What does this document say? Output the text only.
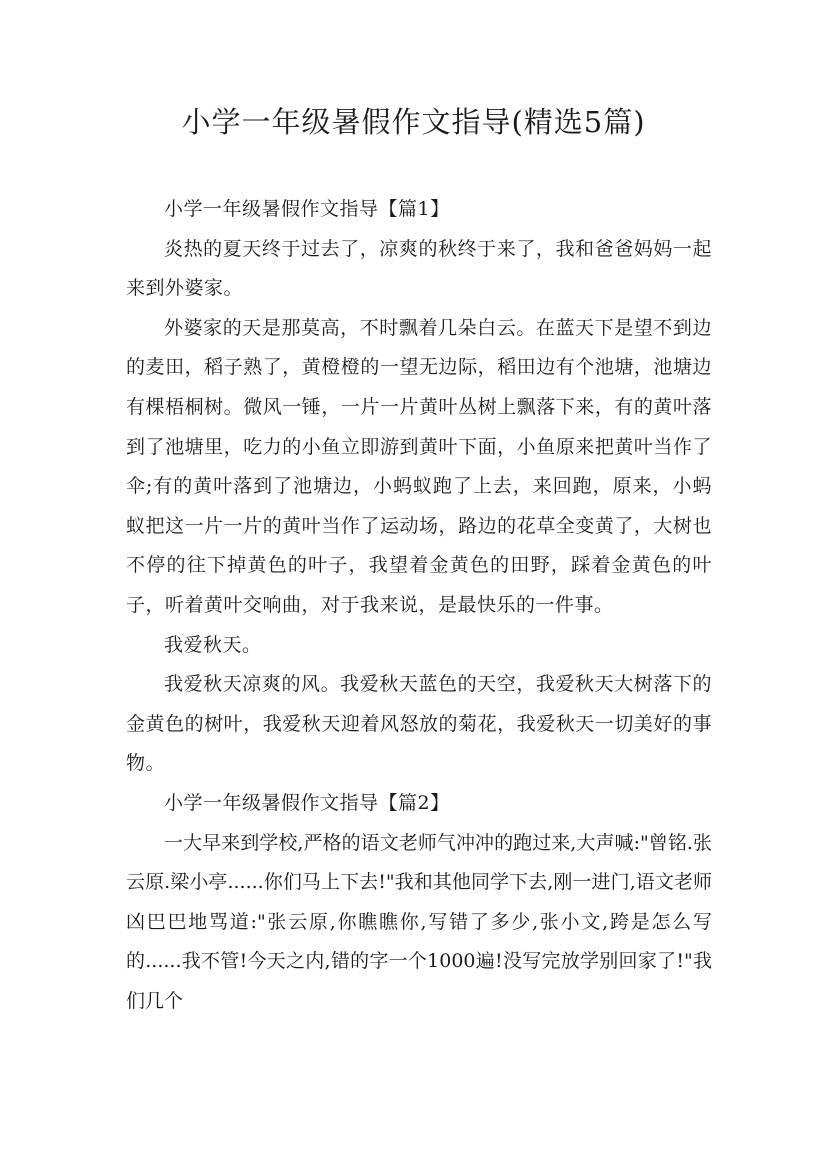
小学一年级暑假作文指导(精选5篇)

小学一年级暑假作文指导【篇1】

炎热的夏天终于过去了，凉爽的秋终于来了，我和爸爸妈妈一起来到外婆家。

外婆家的天是那莫高，不时飘着几朵白云。在蓝天下是望不到边的麦田，稻子熟了，黄橙橙的一望无边际，稻田边有个池塘，池塘边有棵梧桐树。微风一锤，一片一片黄叶丛树上飘落下来，有的黄叶落到了池塘里，吃力的小鱼立即游到黄叶下面，小鱼原来把黄叶当作了伞;有的黄叶落到了池塘边，小蚂蚁跑了上去，来回跑，原来，小蚂蚁把这一片一片的黄叶当作了运动场，路边的花草全变黄了，大树也不停的往下掉黄色的叶子，我望着金黄色的田野，踩着金黄色的叶子，听着黄叶交响曲，对于我来说，是最快乐的一件事。

我爱秋天。

我爱秋天凉爽的风。我爱秋天蓝色的天空，我爱秋天大树落下的金黄色的树叶，我爱秋天迎着风怒放的菊花，我爱秋天一切美好的事物。

小学一年级暑假作文指导【篇2】

一大早来到学校,严格的语文老师气冲冲的跑过来,大声喊:"曾铭.张云原.梁小亭......你们马上下去!"我和其他同学下去,刚一进门,语文老师凶巴巴地骂道:"张云原,你瞧瞧你,写错了多少,张小文,跨是怎么写的......我不管!今天之内,错的字一个1000遍!没写完放学别回家了!"我们几个
